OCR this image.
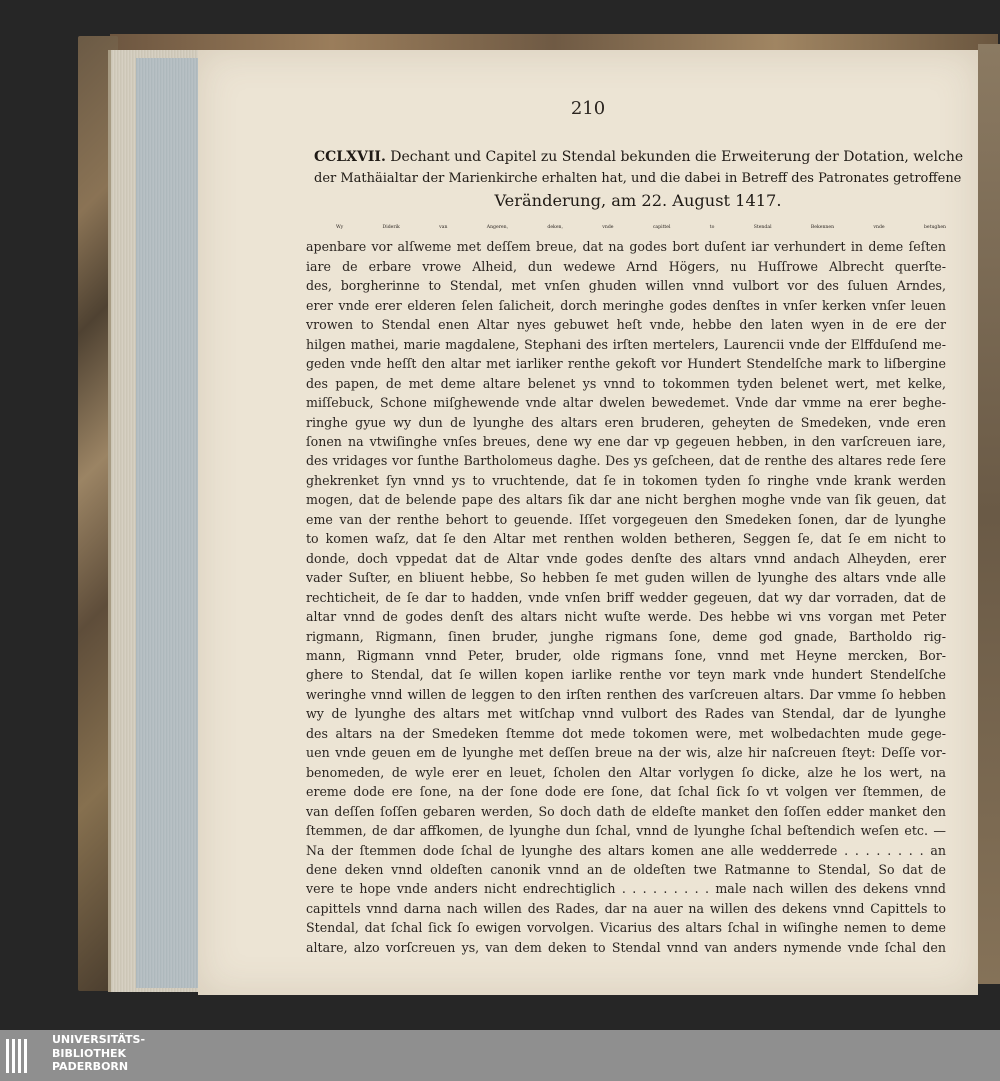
210
CCLXVII. Dechant und Capitel zu Stendal bekunden die Erweiterung der Dotation, welche
der Mathäialtar der Marienkirche erhalten hat, und die dabei in Betreff des Patronates getroffene
Veränderung, am 22. August 1417.
Wy Diderik van Angeren, deken, vnde capittel to Stendal Bekennen vnde betughen
apenbare vor alſweme met deſſem breue, dat na godes bort duſent iar verhundert in deme ſeſten
iare de erbare vrowe Alheid, dun wedewe Arnd Högers, nu Huſſrowe Albrecht querſte-
des, borgherinne to Stendal, met vnſen ghuden willen vnnd vulbort vor des ſuluen Arndes,
erer vnde erer elderen ſelen ſalicheit, dorch meringhe godes denſtes in vnſer kerken vnſer leuen
vrowen to Stendal enen Altar nyes gebuwet heſt vnde, hebbe den laten wyen in de ere der
hilgen mathei, marie magdalene, Stephani des irſten mertelers, Laurencii vnde der Elffduſend me-
geden vnde heſſt den altar met iarliker renthe gekoft vor Hundert Stendelſche mark to liſbergine
des papen, de met deme altare belenet ys vnnd to tokommen tyden belenet wert, met kelke,
miſſebuck, Schone miſghewende vnde altar dwelen bewedemet. Vnde dar vmme na erer beghe-
ringhe gyue wy dun de lyunghe des altars eren bruderen, geheyten de Smedeken, vnde eren
ſonen na vtwiſinghe vnſes breues, dene wy ene dar vp gegeuen hebben, in den varſcreuen iare,
des vridages vor ſunthe Bartholomeus daghe. Des ys geſcheen, dat de renthe des altares rede ſere
ghekrenket ſyn vnnd ys to vruchtende, dat ſe in tokomen tyden ſo ringhe vnde krank werden
mogen, dat de belende pape des altars ſik dar ane nicht berghen moghe vnde van ſik geuen, dat
eme van der renthe behort to geuende. Iſſet vorgegeuen den Smedeken ſonen, dar de lyunghe
to komen waſz, dat ſe den Altar met renthen wolden betheren, Seggen ſe, dat ſe em nicht to
donde, doch vppedat dat de Altar vnde godes denſte des altars vnnd andach Alheyden, erer
vader Suſter, en bliuent hebbe, So hebben ſe met guden willen de lyunghe des altars vnde alle
rechticheit, de ſe dar to hadden, vnde vnſen briff wedder gegeuen, dat wy dar vorraden, dat de
altar vnnd de godes denſt des altars nicht wuſte werde. Des hebbe wi vns vorgan met Peter
rigmann, Rigmann, ſinen bruder, junghe rigmans ſone, deme god gnade, Bartholdo rig-
mann, Rigmann vnnd Peter, bruder, olde rigmans ſone, vnnd met Heyne mercken, Bor-
ghere to Stendal, dat ſe willen kopen iarlike renthe vor teyn mark vnde hundert Stendelſche
weringhe vnnd willen de leggen to den irſten renthen des varſcreuen altars. Dar vmme ſo hebben
wy de lyunghe des altars met witſchap vnnd vulbort des Rades van Stendal, dar de lyunghe
des altars na der Smedeken ſtemme dot mede tokomen were, met wolbedachten mude gege-
uen vnde geuen em de lyunghe met deſſen breue na der wis, alze hir naſcreuen ſteyt: Deſſe vor-
benomeden, de wyle erer en leuet, ſcholen den Altar vorlygen ſo dicke, alze he los wert, na
ereme dode ere ſone, na der ſone dode ere ſone, dat ſchal ſick ſo vt volgen ver ſtemmen, de
van deſſen ſoſſen gebaren werden, So doch dath de eldeſte manket den ſoſſen edder manket den
ſtemmen, de dar affkomen, de lyunghe dun ſchal, vnnd de lyunghe ſchal beſtendich weſen etc. —
Na der ſtemmen dode ſchal de lyunghe des altars komen ane alle wedderrede . . . . . . . . an
dene deken vnnd oldeſten canonik vnnd an de oldeſten twe Ratmanne to Stendal, So dat de
vere te hope vnde anders nicht endrechtiglich . . . . . . . . . male nach willen des dekens vnnd
capittels vnnd darna nach willen des Rades, dar na auer na willen des dekens vnnd Capittels to
Stendal, dat ſchal ſick ſo ewigen vorvolgen. Vicarius des altars ſchal in wiſinghe nemen to deme
altare, alzo vorſcreuen ys, van dem deken to Stendal vnnd van anders nymende vnde ſchal den
UNIVERSITÄTS-
BIBLIOTHEK
PADERBORN
